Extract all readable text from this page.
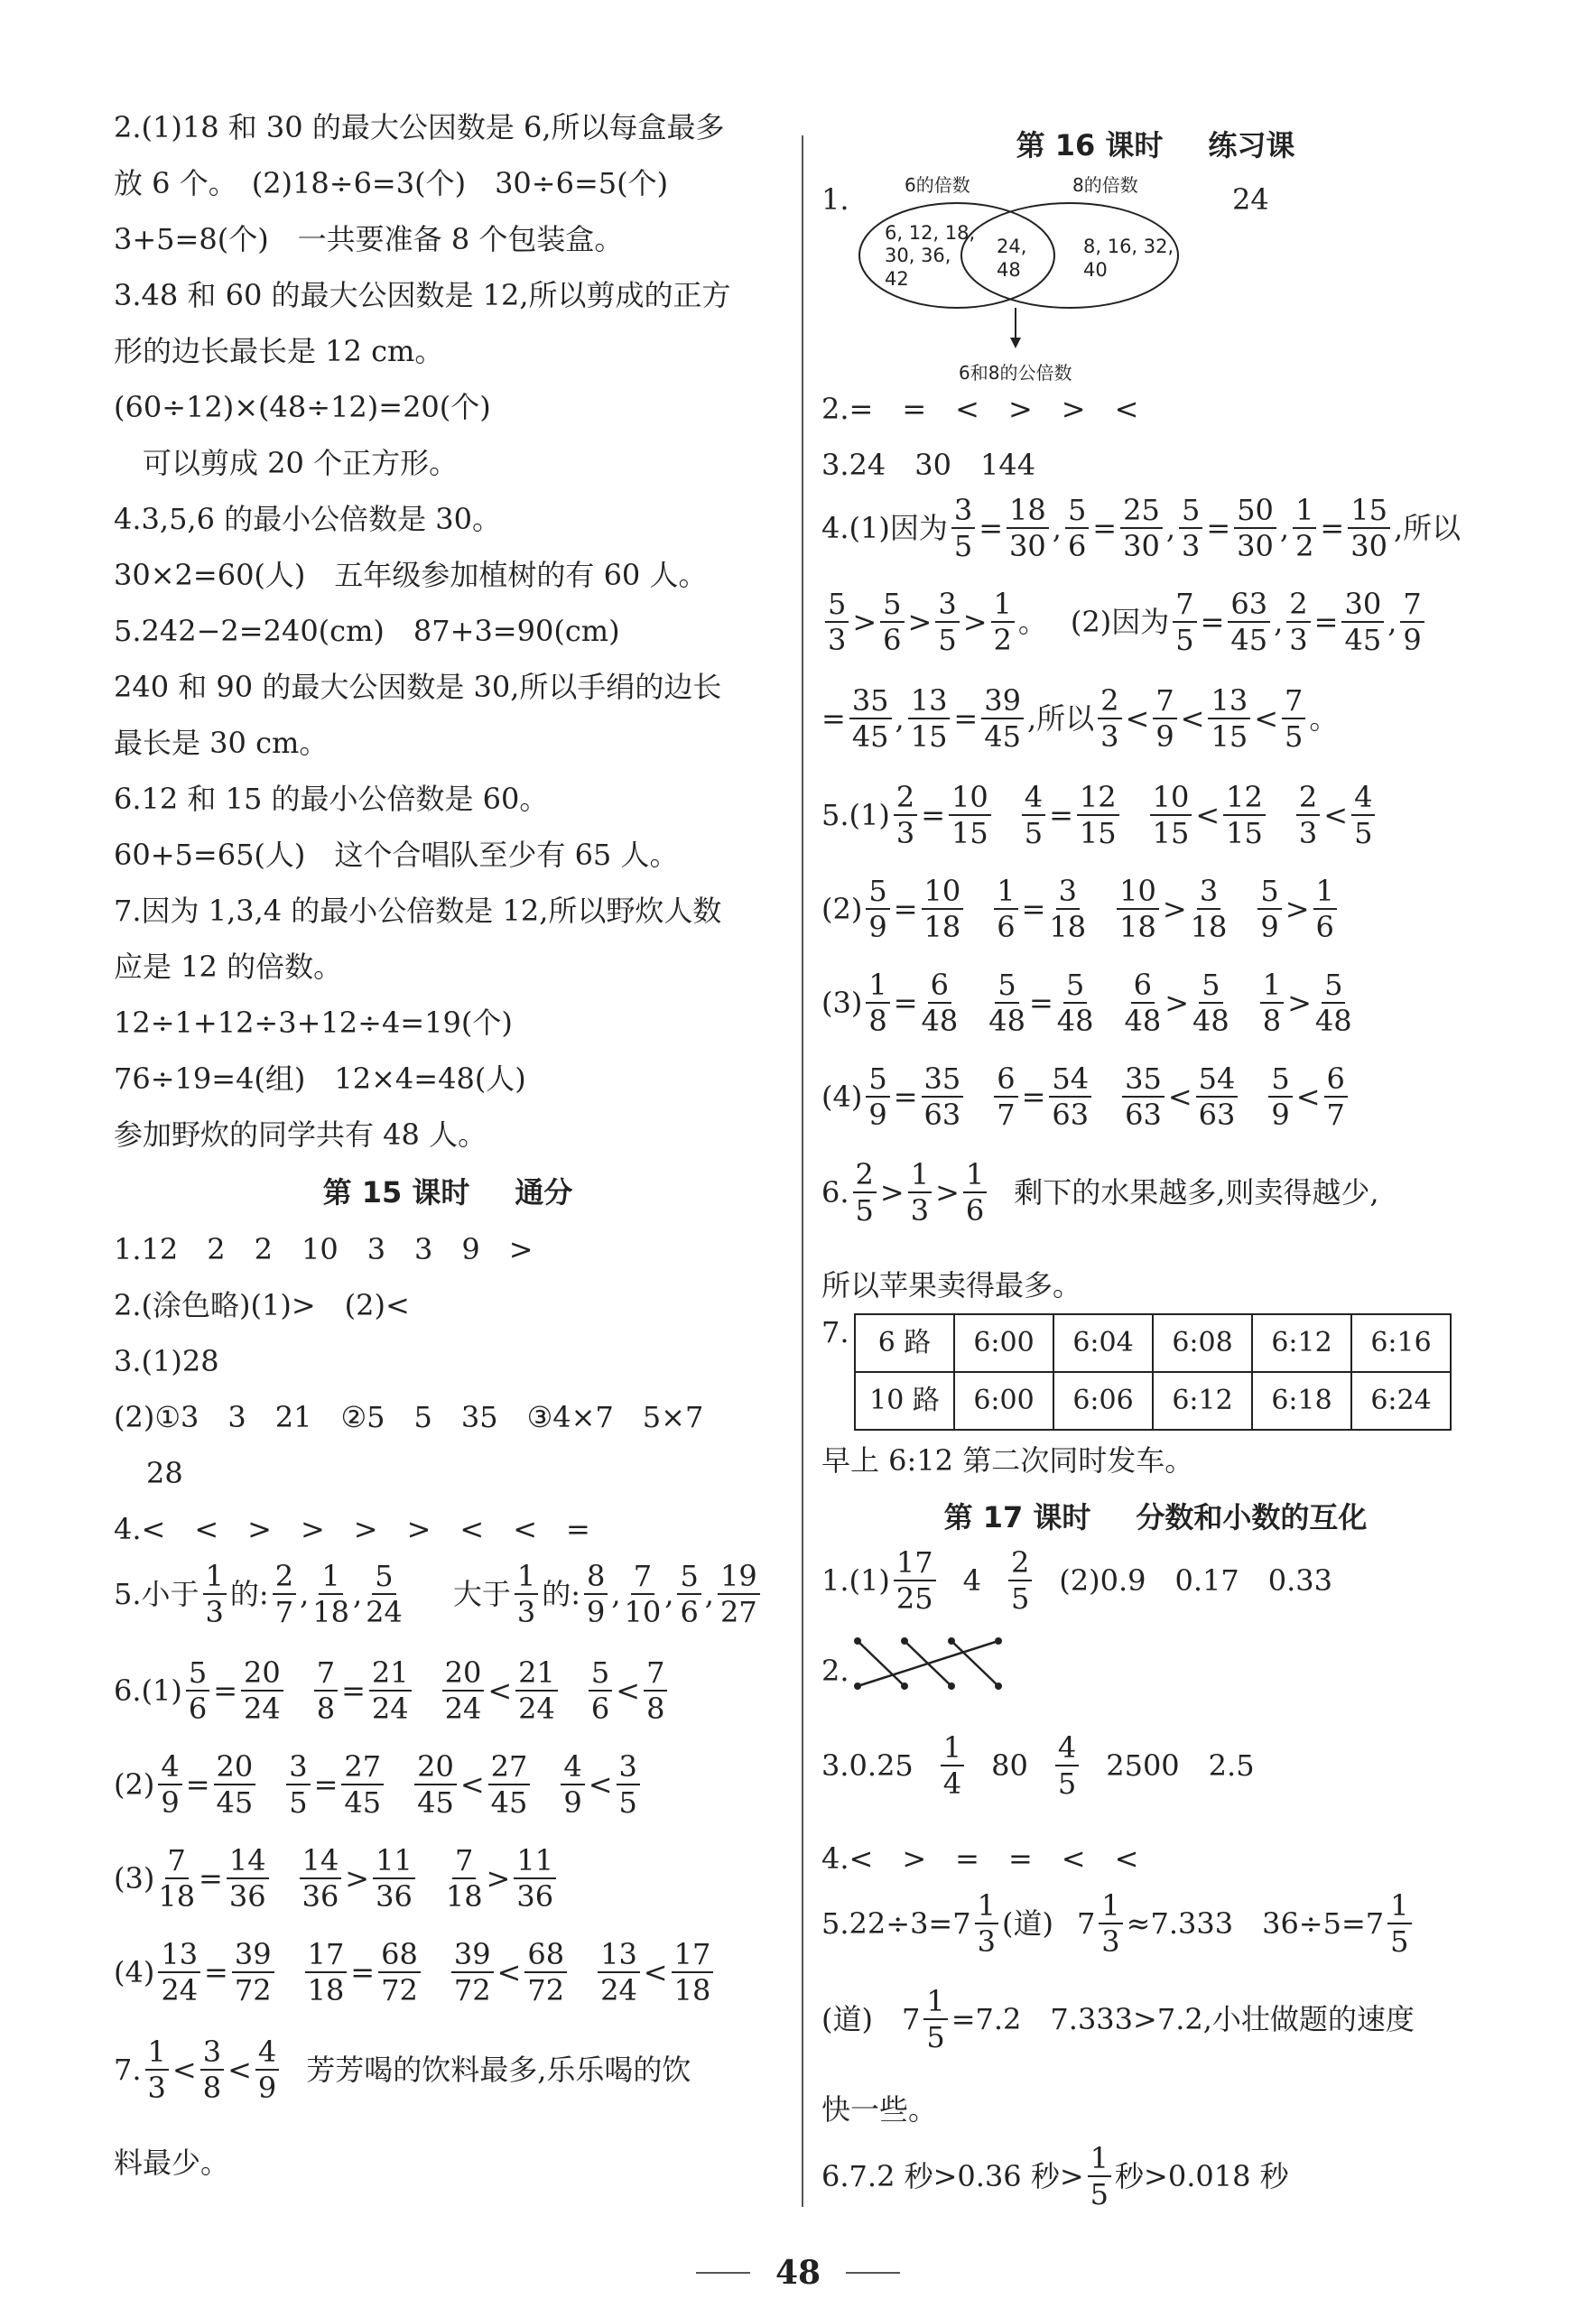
2.(1)18 和 30 的最大公因数是 6,所以每盒最多
放 6 个。　(2)18÷6=3(个)　30÷6=5(个)
3+5=8(个)　一共要准备 8 个包装盒。
3.48 和 60 的最大公因数是 12,所以剪成的正方
形的边长最长是 12 cm。
(60÷12)×(48÷12)=20(个)
　可以剪成 20 个正方形。
4.3,5,6 的最小公倍数是 30。
30×2=60(人)　五年级参加植树的有 60 人。
5.242−2=240(cm)　87+3=90(cm)
240 和 90 的最大公因数是 30,所以手绢的边长
最长是 30 cm。
6.12 和 15 的最小公倍数是 60。
60+5=65(人)　这个合唱队至少有 65 人。
7.因为 1,3,4 的最小公倍数是 12,所以野炊人数
应是 12 的倍数。
12÷1+12÷3+12÷4=19(个)
76÷19=4(组)　12×4=48(人)
参加野炊的同学共有 48 人。
第 15 课时 通分
1.12　2　2　10　3　3　9　>
2.(涂色略)(1)>　(2)<
3.(1)28
(2)①3　3　21　②5　5　35　③4×7　5×7
28
4.<　<　>　>　>　>　<　<　=
5.小于
1
3
的:
2
7
,
1
18
,
5
24
大于
1
3
的:
8
9
,
7
10
,
5
6
,
19
27
6.(1)
5
6
=
20
24
7
8
=
21
24
20
24
<
21
24
5
6
<
7
8
(2)
4
9
=
20
45
3
5
=
27
45
20
45
<
27
45
4
9
<
3
5
(3)
7
18
=
14
36
14
36
>
11
36
7
18
>
11
36
(4)
13
24
=
39
72
17
18
=
68
72
39
72
<
68
72
13
24
<
17
18
7.
1
3
<
3
8
<
4
9
芳芳喝的饮料最多,乐乐喝的饮
料最少。
第 16 课时 练习课
1.	6的倍数	8的倍数
6, 12, 18,
30, 36,
42
24,
48
8, 16, 32,
40
6和8的公倍数
24
2.=　=　<　>　>　<
3.24　30　144
4.(1)因为
3
5
=
18
30
,
5
6
=
25
30
,
5
3
=
50
30
,
1
2
=
15
30
,所以
5
3
>
5
6
>
3
5
>
1
2
。 (2)因为
7
5
=
63
45
,
2
3
=
30
45
,
7
9
=
35
45
,
13
15
=
39
45
,所以
2
3
<
7
9
<
13
15
<
7
5
。
5.(1)
2
3
=
10
15
4
5
=
12
15
10
15
<
12
15
2
3
<
4
5
(2)
5
9
=
10
18
1
6
=
3
18
10
18
>
3
18
5
9
>
1
6
(3)
1
8
=
6
48
5
48
=
5
48
6
48
>
5
48
1
8
>
5
48
(4)
5
9
=
35
63
6
7
=
54
63
35
63
<
54
63
5
9
<
6
7
6.
2
5
>
1
3
>
1
6
剩下的水果越多,则卖得越少,
所以苹果卖得最多。
7. 6 路	6:00	6:04	6:08	6:12	6:16
10 路	6:00	6:06	6:12	6:18	6:24
早上 6:12 第二次同时发车。
第 17 课时 分数和小数的互化
1.(1)
17
25
4
2
5
(2)0.9　0.17　0.33
2.
3.0.25
1
4
80
4
5
2500　2.5
4.<　>　=　=　<　<
5.22÷3=7
1
3
(道) $7 \frac{1}{3} \approx 7.333$　36÷5=7
1
5
(道)　$7 \frac{1}{5} =7.2$　7.333>7.2,小壮做题的速度
快一些。
6.7.2 秒>0.36 秒>
1
5
秒>0.018 秒
48
